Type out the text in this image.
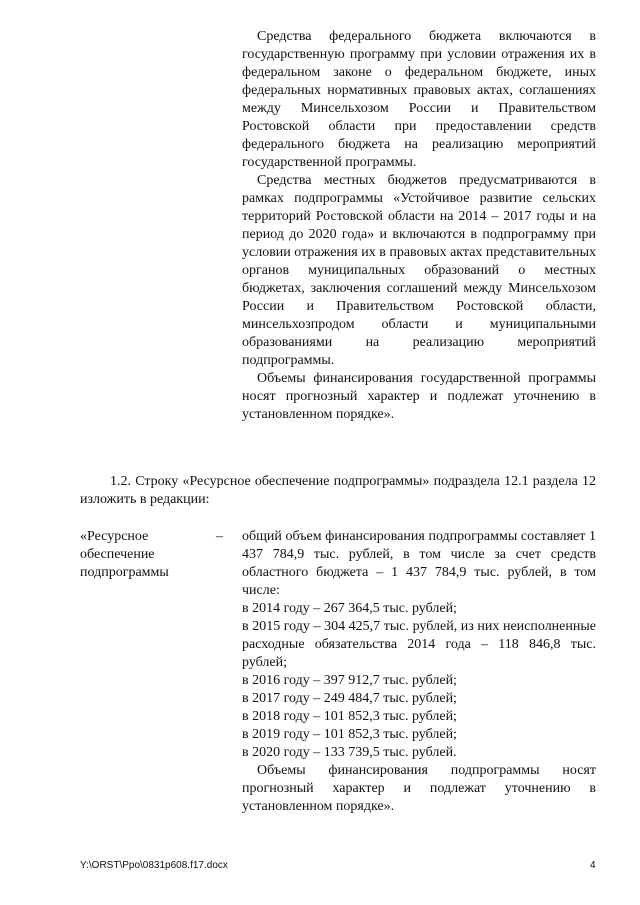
Средства федерального бюджета включаются в государственную программу при условии отражения их в федеральном законе о федеральном бюджете, иных федеральных нормативных правовых актах, соглашениях между Минсельхозом России и Правительством Ростовской области при предоставлении средств федерального бюджета на реализацию мероприятий государственной программы.

Средства местных бюджетов предусматриваются в рамках подпрограммы «Устойчивое развитие сельских территорий Ростовской области на 2014 – 2017 годы и на период до 2020 года» и включаются в подпрограмму при условии отражения их в правовых актах представительных органов муниципальных образований о местных бюджетах, заключения соглашений между Минсельхозом России и Правительством Ростовской области, минсельхозпродом области и муниципальными образованиями на реализацию мероприятий подпрограммы.

Объемы финансирования государственной программы носят прогнозный характер и подлежат уточнению в установленном порядке».

1.2. Строку «Ресурсное обеспечение подпрограммы» подраздела 12.1 раздела 12 изложить в редакции:

«Ресурсное обеспечение подпрограммы
– общий объем финансирования подпрограммы составляет 1 437 784,9 тыс. рублей, в том числе за счет средств областного бюджета – 1 437 784,9 тыс. рублей, в том числе:

в 2014 году – 267 364,5 тыс. рублей;

в 2015 году – 304 425,7 тыс. рублей, из них неисполненные расходные обязательства 2014 года – 118 846,8 тыс. рублей;

в 2016 году – 397 912,7 тыс. рублей;

в 2017 году – 249 484,7 тыс. рублей;

в 2018 году – 101 852,3 тыс. рублей;

в 2019 году – 101 852,3 тыс. рублей;

в 2020 году – 133 739,5 тыс. рублей.

Объемы финансирования подпрограммы носят прогнозный характер и подлежат уточнению в установленном порядке».

Y:\ORST\Ppo\0831p608.f17.docx	4
